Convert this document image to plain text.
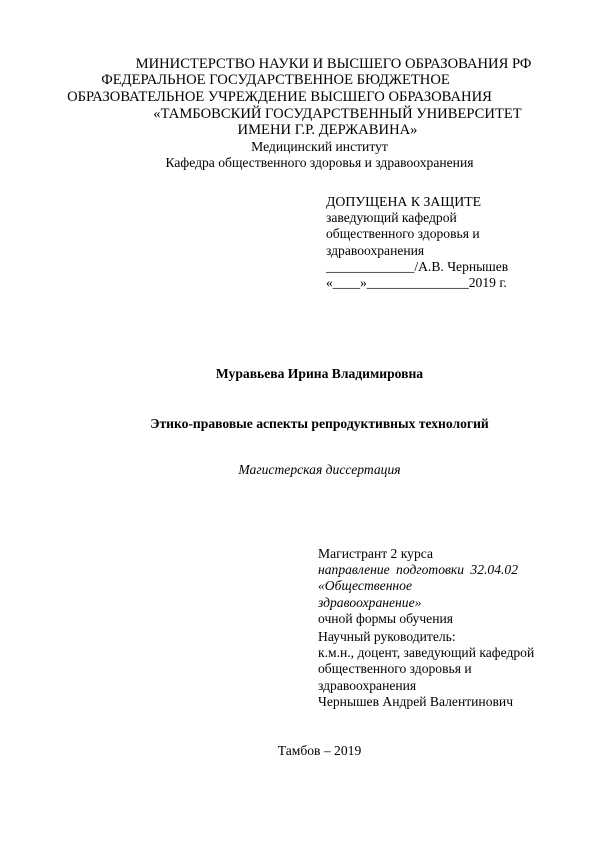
МИНИСТЕРСТВО НАУКИ И ВЫСШЕГО ОБРАЗОВАНИЯ РФ
ФЕДЕРАЛЬНОЕ ГОСУДАРСТВЕННОЕ БЮДЖЕТНОЕ
ОБРАЗОВАТЕЛЬНОЕ УЧРЕЖДЕНИЕ ВЫСШЕГО ОБРАЗОВАНИЯ
«ТАМБОВСКИЙ ГОСУДАРСТВЕННЫЙ УНИВЕРСИТЕТ
ИМЕНИ Г.Р. ДЕРЖАВИНА»
Медицинский институт
Кафедра общественного здоровья и здравоохранения
ДОПУЩЕНА К ЗАЩИТЕ
заведующий кафедрой
общественного здоровья и
здравоохранения
_____________/А.В. Чернышев
«____»_______________2019 г.
Муравьева Ирина Владимировна
Этико-правовые аспекты репродуктивных технологий
Магистерская диссертация
Магистрант 2 курса
направление подготовки 32.04.02
«Общественное здравоохранение»
очной формы обучения
Научный руководитель:
к.м.н., доцент, заведующий кафедрой
общественного здоровья и
здравоохранения
Чернышев Андрей Валентинович
Тамбов – 2019
